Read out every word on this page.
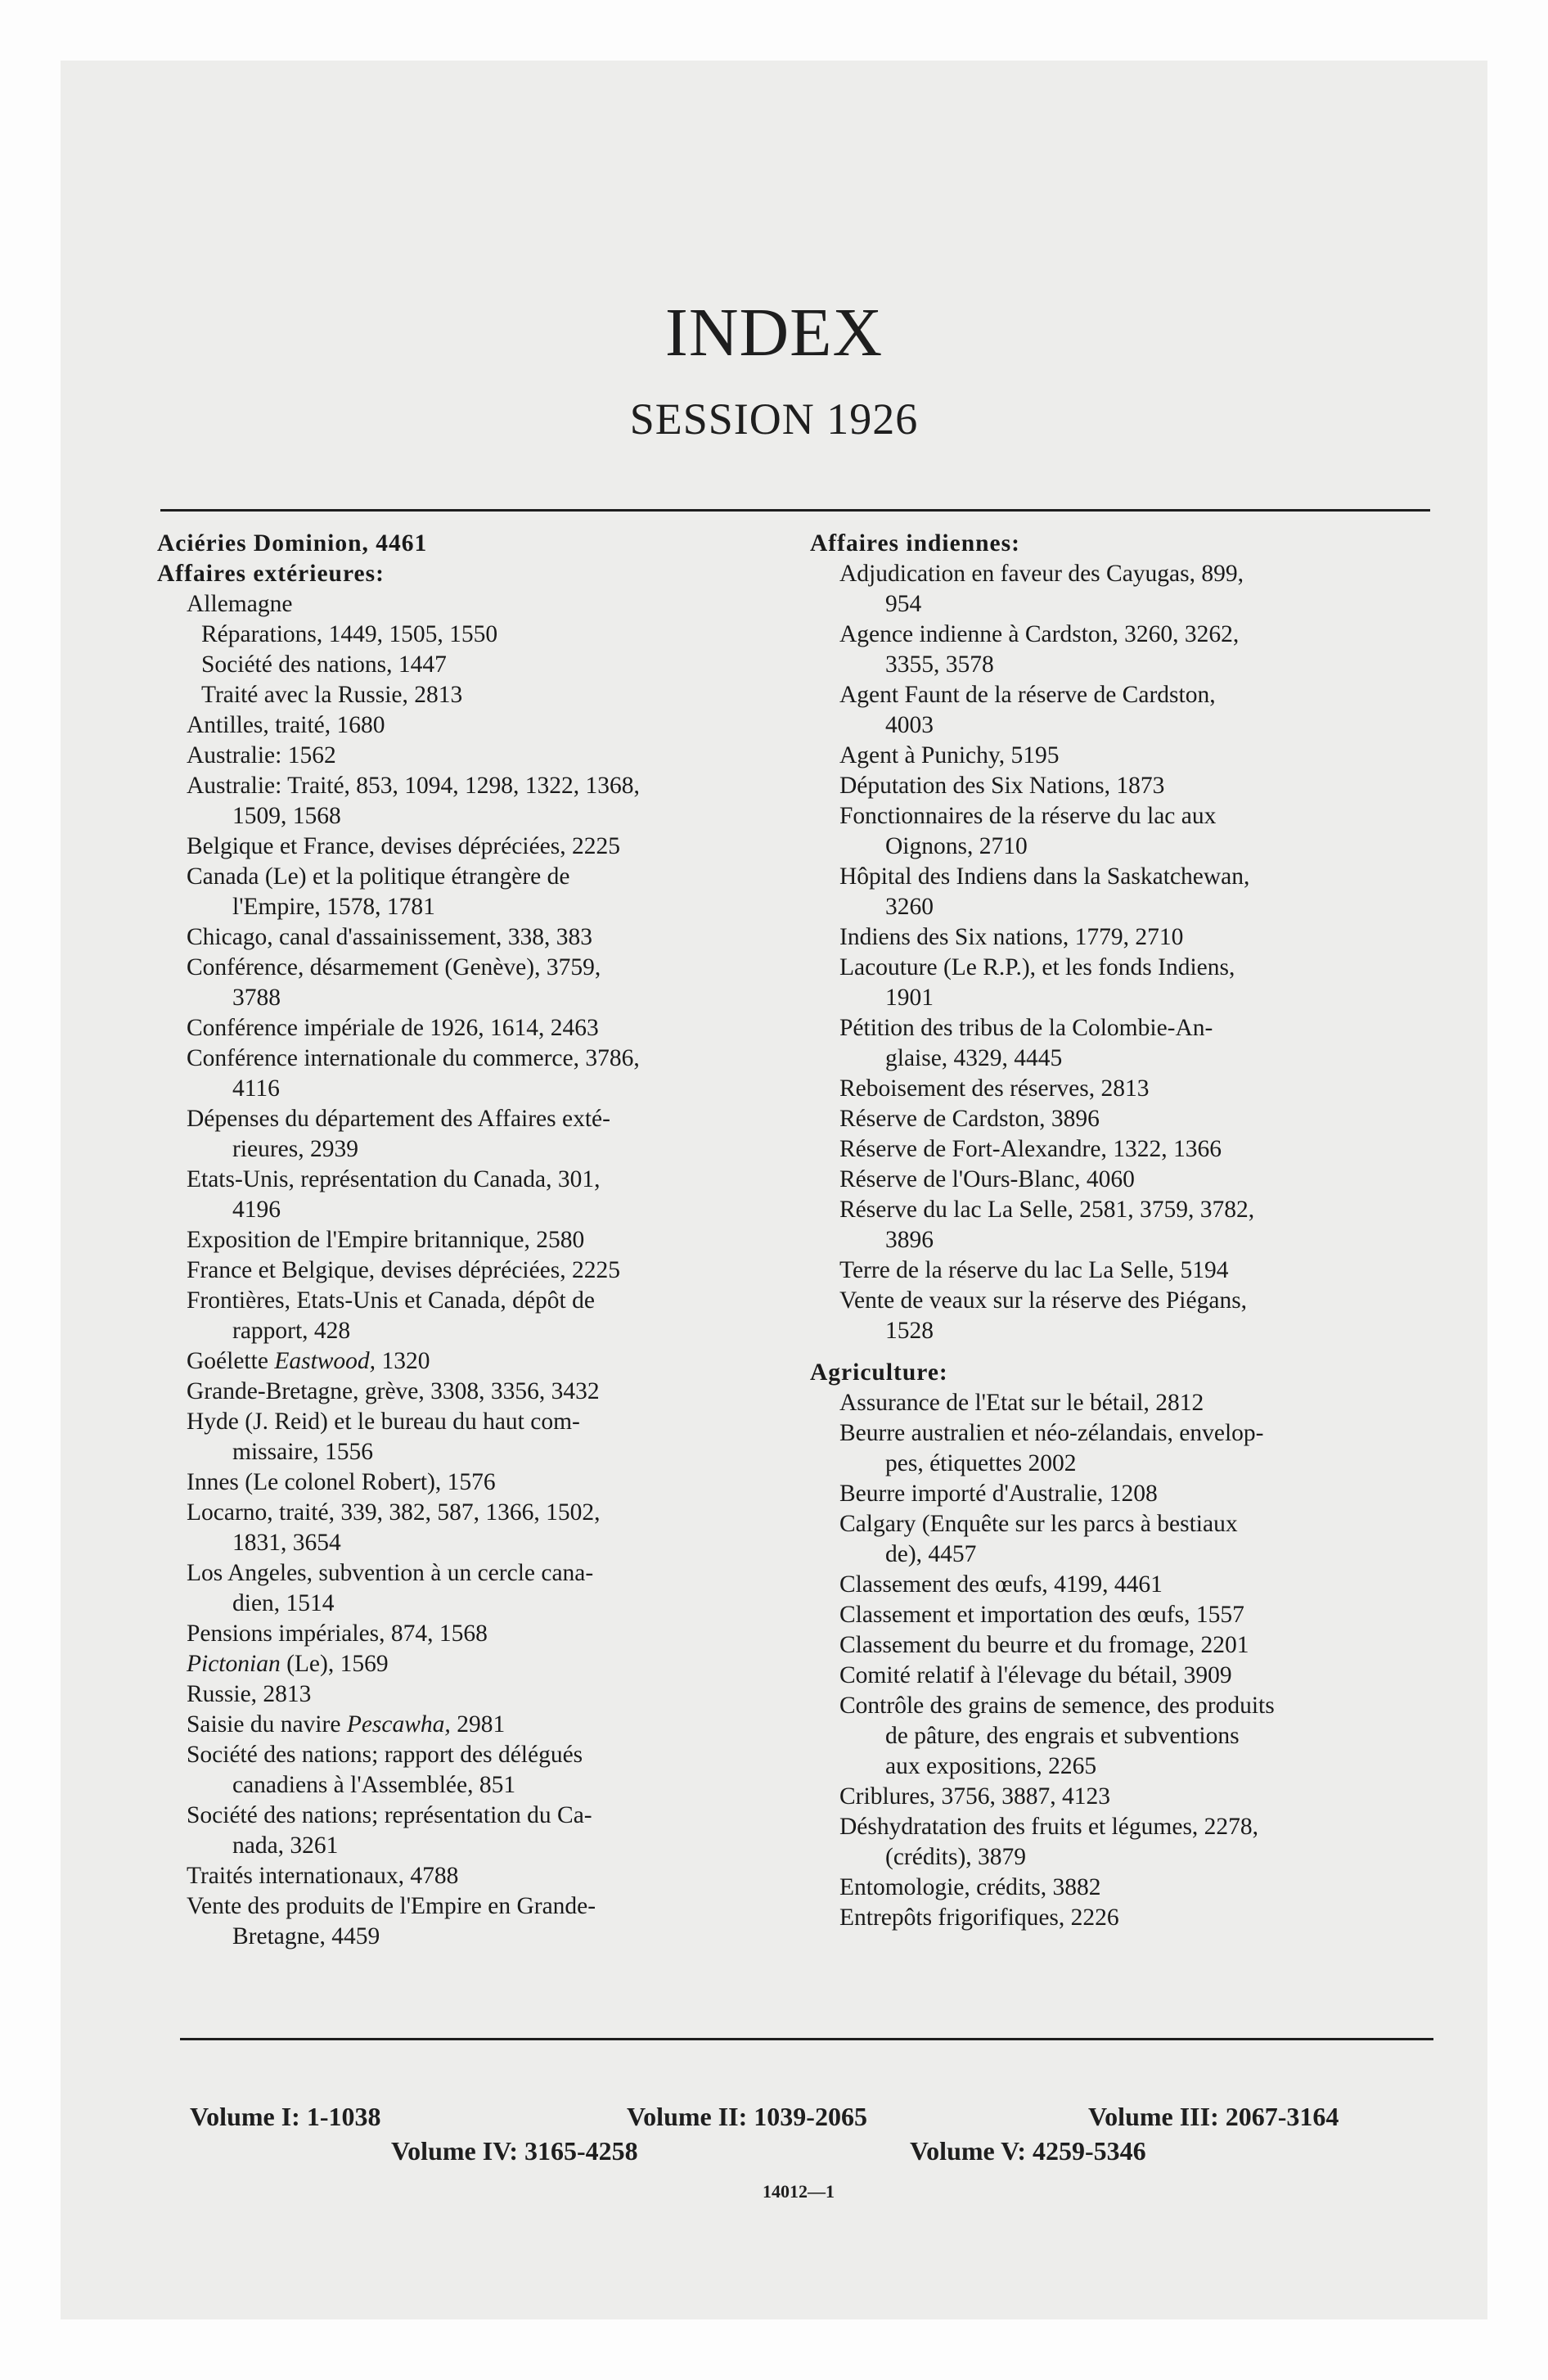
INDEX
SESSION 1926
Aciéries Dominion, 4461
Affaires extérieures:
Allemagne
Réparations, 1449, 1505, 1550
Société des nations, 1447
Traité avec la Russie, 2813
Antilles, traité, 1680
Australie: 1562
Australie: Traité, 853, 1094, 1298, 1322, 1368,
1509, 1568
Belgique et France, devises dépréciées, 2225
Canada (Le) et la politique étrangère de
l'Empire, 1578, 1781
Chicago, canal d'assainissement, 338, 383
Conférence, désarmement (Genève), 3759,
3788
Conférence impériale de 1926, 1614, 2463
Conférence internationale du commerce, 3786,
4116
Dépenses du département des Affaires exté-
rieures, 2939
Etats-Unis, représentation du Canada, 301,
4196
Exposition de l'Empire britannique, 2580
France et Belgique, devises dépréciées, 2225
Frontières, Etats-Unis et Canada, dépôt de
rapport, 428
Goélette Eastwood, 1320
Grande-Bretagne, grève, 3308, 3356, 3432
Hyde (J. Reid) et le bureau du haut com-
missaire, 1556
Innes (Le colonel Robert), 1576
Locarno, traité, 339, 382, 587, 1366, 1502,
1831, 3654
Los Angeles, subvention à un cercle cana-
dien, 1514
Pensions impériales, 874, 1568
Pictonian (Le), 1569
Russie, 2813
Saisie du navire Pescawha, 2981
Société des nations; rapport des délégués
canadiens à l'Assemblée, 851
Société des nations; représentation du Ca-
nada, 3261
Traités internationaux, 4788
Vente des produits de l'Empire en Grande-
Bretagne, 4459
Affaires indiennes:
Adjudication en faveur des Cayugas, 899,
954
Agence indienne à Cardston, 3260, 3262,
3355, 3578
Agent Faunt de la réserve de Cardston,
4003
Agent à Punichy, 5195
Députation des Six Nations, 1873
Fonctionnaires de la réserve du lac aux
Oignons, 2710
Hôpital des Indiens dans la Saskatchewan,
3260
Indiens des Six nations, 1779, 2710
Lacouture (Le R.P.), et les fonds Indiens,
1901
Pétition des tribus de la Colombie-An-
glaise, 4329, 4445
Reboisement des réserves, 2813
Réserve de Cardston, 3896
Réserve de Fort-Alexandre, 1322, 1366
Réserve de l'Ours-Blanc, 4060
Réserve du lac La Selle, 2581, 3759, 3782,
3896
Terre de la réserve du lac La Selle, 5194
Vente de veaux sur la réserve des Piégans,
1528
Agriculture:
Assurance de l'Etat sur le bétail, 2812
Beurre australien et néo-zélandais, envelop-
pes, étiquettes 2002
Beurre importé d'Australie, 1208
Calgary (Enquête sur les parcs à bestiaux
de), 4457
Classement des œufs, 4199, 4461
Classement et importation des œufs, 1557
Classement du beurre et du fromage, 2201
Comité relatif à l'élevage du bétail, 3909
Contrôle des grains de semence, des produits
de pâture, des engrais et subventions
aux expositions, 2265
Criblures, 3756, 3887, 4123
Déshydratation des fruits et légumes, 2278,
(crédits), 3879
Entomologie, crédits, 3882
Entrepôts frigorifiques, 2226
Volume I: 1-1038	Volume II: 1039-2065	Volume III: 2067-3164
Volume IV: 3165-4258	Volume V: 4259-5346
14012—1
